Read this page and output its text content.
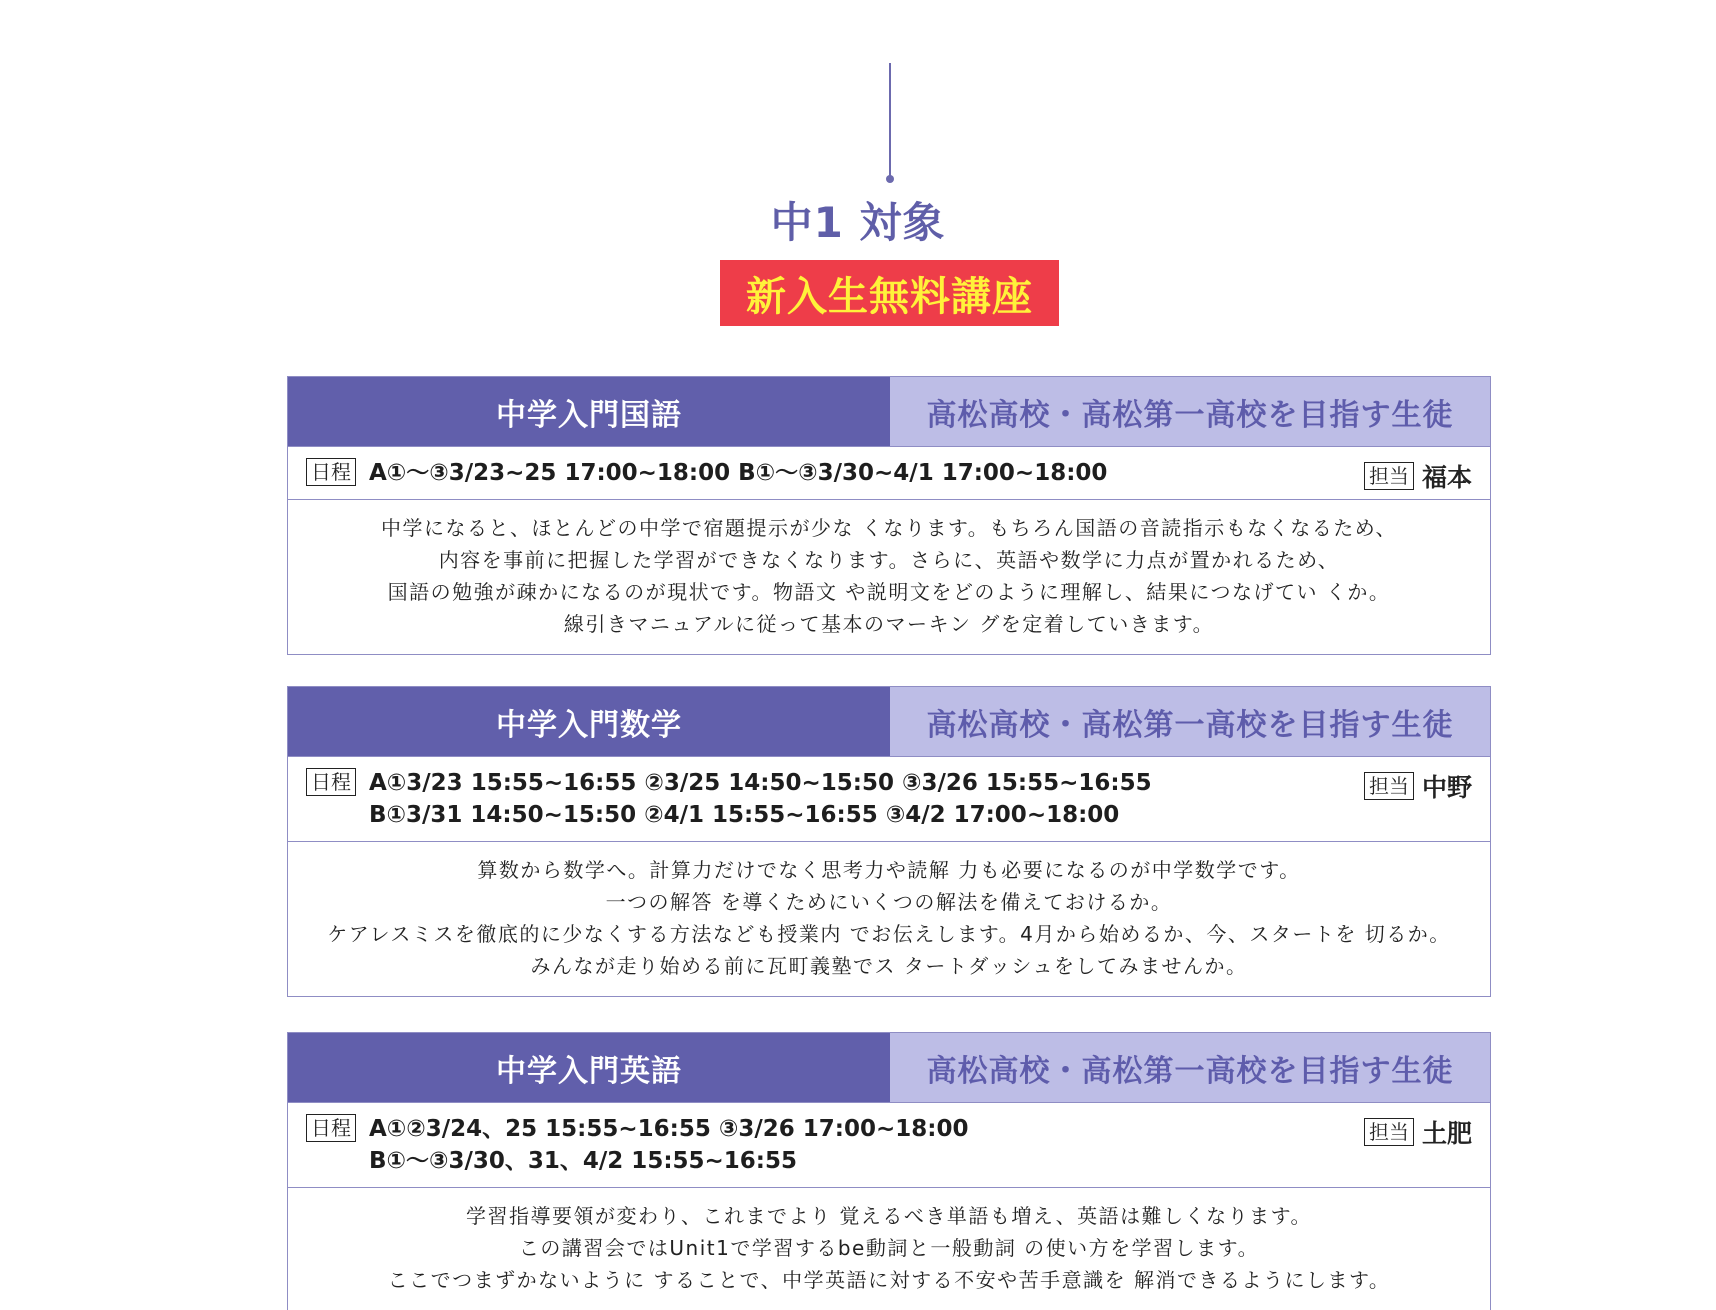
中1 対象
新入生無料講座
中学入門国語	高松高校・高松第一高校を目指す生徒
日程 A①～③3/23~25 17:00~18:00 B①～③3/30~4/1 17:00~18:00	担当 福本
中学になると、ほとんどの中学で宿題提示が少な くなります。もちろん国語の音読指示もなくなるため、
内容を事前に把握した学習ができなくなります。さらに、英語や数学に力点が置かれるため、
国語の勉強が疎かになるのが現状です。物語文 や説明文をどのように理解し、結果につなげてい くか。
線引きマニュアルに従って基本のマーキン グを定着していきます。
中学入門数学	高松高校・高松第一高校を目指す生徒
日程 A①3/23 15:55~16:55 ②3/25 14:50~15:50 ③3/26 15:55~16:55
B①3/31 14:50~15:50 ②4/1 15:55~16:55 ③4/2 17:00~18:00
担当 中野
算数から数学へ。計算力だけでなく思考力や読解 力も必要になるのが中学数学です。
一つの解答 を導くためにいくつの解法を備えておけるか。
ケアレスミスを徹底的に少なくする方法なども授業内 でお伝えします。4月から始めるか、今、スタートを 切るか。
みんなが走り始める前に瓦町義塾でス タートダッシュをしてみませんか。
中学入門英語	高松高校・高松第一高校を目指す生徒
日程 A①②3/24、25 15:55~16:55 ③3/26 17:00~18:00
B①～③3/30、31、4/2 15:55~16:55
担当 土肥
学習指導要領が変わり、これまでより 覚えるべき単語も増え、英語は難しくなります。
この講習会ではUnit1で学習するbe動詞と一般動詞 の使い方を学習します。
ここでつまずかないように することで、中学英語に対する不安や苦手意識を 解消できるようにします。
